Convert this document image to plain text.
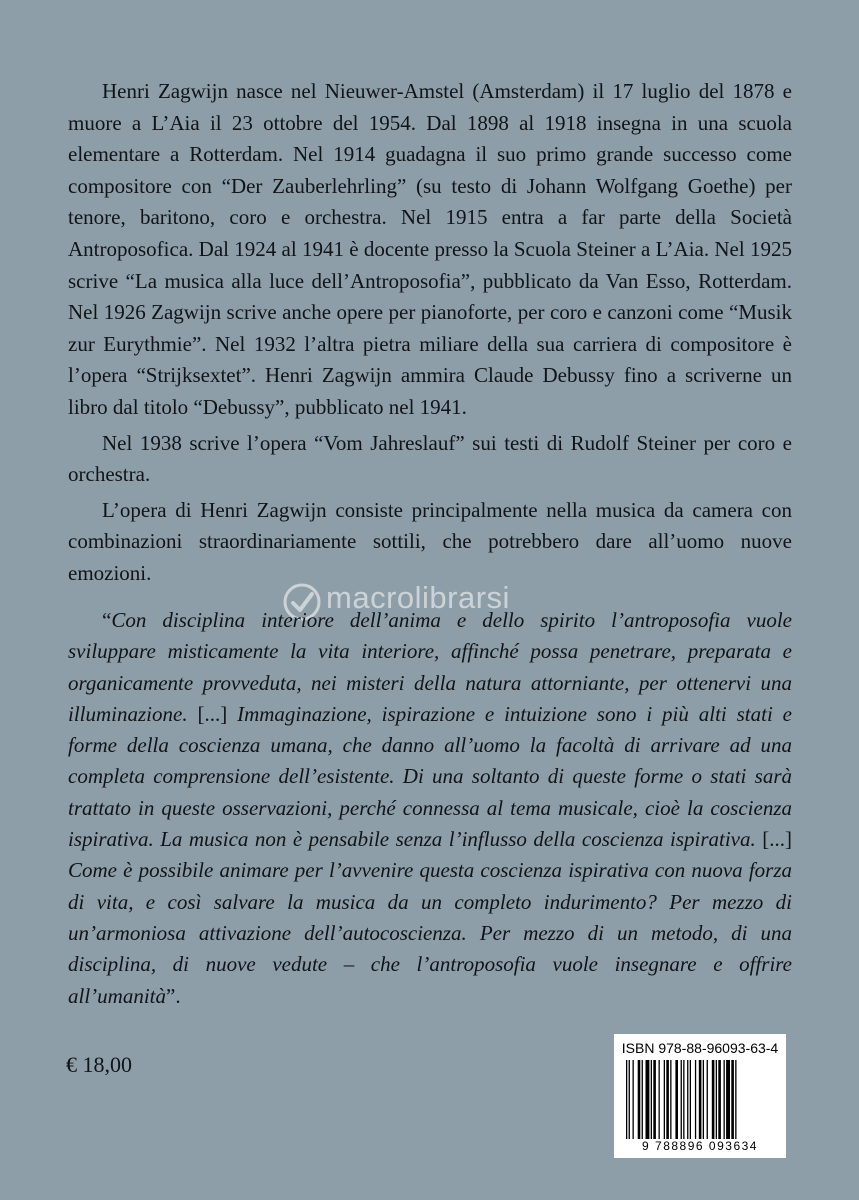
Henri Zagwijn nasce nel Nieuwer-Amstel (Amsterdam) il 17 luglio del 1878 e muore a L’Aia il 23 ottobre del 1954. Dal 1898 al 1918 insegna in una scuola elementare a Rotterdam. Nel 1914 guadagna il suo primo grande successo come compositore con “Der Zauberlehrling” (su testo di Johann Wolfgang Goethe) per tenore, baritono, coro e orchestra. Nel 1915 entra a far parte della Società Antroposofica. Dal 1924 al 1941 è docente presso la Scuola Steiner a L’Aia. Nel 1925 scrive “La musica alla luce dell’Antroposofia”, pubblicato da Van Esso, Rotterdam. Nel 1926 Zagwijn scrive anche opere per pianoforte, per coro e canzoni come “Musik zur Eurythmie”. Nel 1932 l’altra pietra miliare della sua carriera di compositore è l’opera “Strijksextet”. Henri Zagwijn ammira Claude Debussy fino a scriverne un libro dal titolo “Debussy”, pubblicato nel 1941.

Nel 1938 scrive l’opera “Vom Jahreslauf” sui testi di Rudolf Steiner per coro e orchestra.

L’opera di Henri Zagwijn consiste principalmente nella musica da camera con combinazioni straordinariamente sottili, che potrebbero dare all’uomo nuove emozioni.

macrolibrarsi

“Con disciplina interiore dell’anima e dello spirito l’antroposofia vuole sviluppare misticamente la vita interiore, affinché possa penetrare, preparata e organicamente provveduta, nei misteri della natura attorniante, per ottenervi una illuminazione. [...] Immaginazione, ispirazione e intuizione sono i più alti stati e forme della coscienza umana, che danno all’uomo la facoltà di arrivare ad una completa comprensione dell’esistente. Di una soltanto di queste forme o stati sarà trattato in queste osservazioni, perché connessa al tema musicale, cioè la coscienza ispirativa. La musica non è pensabile senza l’influsso della coscienza ispirativa. [...] Come è possibile animare per l’avvenire questa coscienza ispirativa con nuova forza di vita, e così salvare la musica da un completo indurimento? Per mezzo di un’armoniosa attivazione dell’autocoscienza. Per mezzo di un metodo, di una disciplina, di nuove vedute – che l’antroposofia vuole insegnare e offrire all’umanità”.

€ 18,00
ISBN 978-88-96093-63-4
9 788896 093634
